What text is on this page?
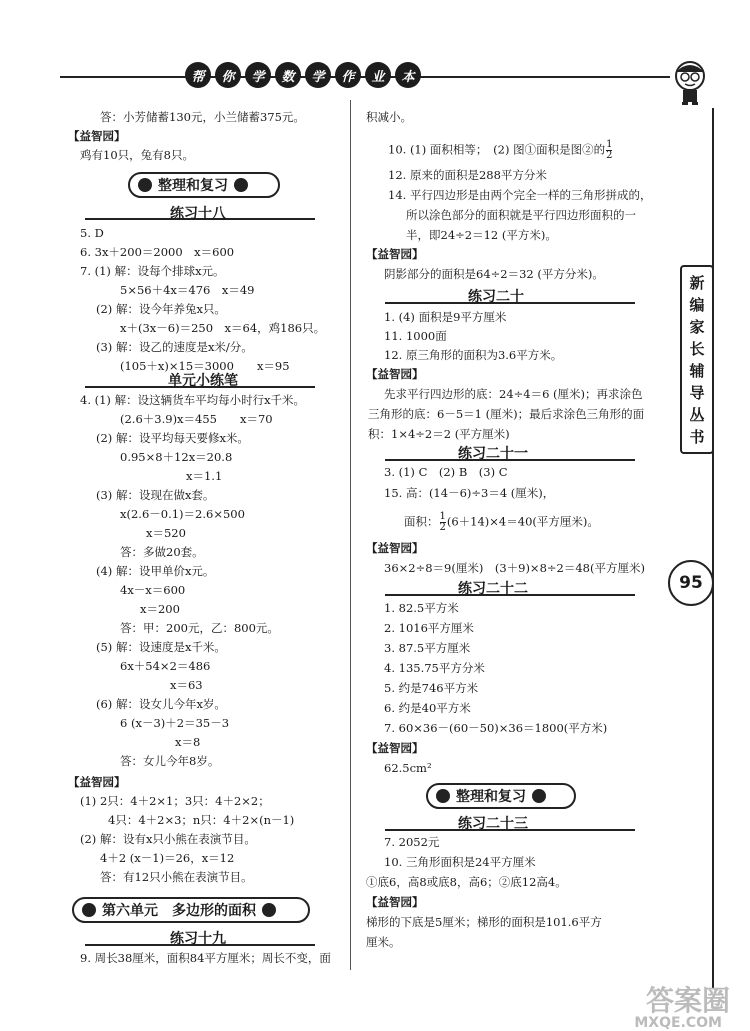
帮	你	学	数	学	作	业	本
新
编
家
长
辅
导
丛
书
95
答：小芳储蓄130元，小兰储蓄375元。
【益智园】
鸡有10只，兔有8只。
整理和复习
练习十八
5. D
6. 3x＋200＝2000　x＝600
7. (1) 解：设每个排球x元。
5×56＋4x＝476　x＝49
(2) 解：设今年养兔x只。
x＋(3x－6)＝250　x＝64，鸡186只。
(3) 解：设乙的速度是x米/分。
(105＋x)×15＝3000　　x＝95
单元小练笔
4. (1) 解：设这辆货车平均每小时行x千米。
(2.6＋3.9)x＝455　　x＝70
(2) 解：设平均每天要修x米。
0.95×8＋12x＝20.8
x＝1.1
(3) 解：设现在做x套。
x(2.6－0.1)＝2.6×500
x＝520
答：多做20套。
(4) 解：设甲单价x元。
4x－x＝600
x＝200
答：甲：200元，乙：800元。
(5) 解：设速度是x千米。
6x＋54×2＝486
x＝63
(6) 解：设女儿今年x岁。
6 (x－3)＋2＝35－3
x＝8
答：女儿今年8岁。
【益智园】
(1) 2只：4＋2×1；3只：4＋2×2；
4只：4＋2×3；n只：4＋2×(n－1)
(2) 解：设有x只小熊在表演节目。
4＋2 (x－1)＝26，x＝12
答：有12只小熊在表演节目。
第六单元　多边形的面积
练习十九
9. 周长38厘米，面积84平方厘米；周长不变，面
积减小。
10. (1) 面积相等；　(2) 图①面积是图②的 $\frac{1}{2}$
12. 原来的面积是288平方分米
14. 平行四边形是由两个完全一样的三角形拼成的，
所以涂色部分的面积就是平行四边形面积的一
半，即24÷2＝12 (平方米)。
【益智园】
阴影部分的面积是64÷2＝32 (平方分米)。
练习二十
1. (4) 面积是9平方厘米
11. 1000面
12. 原三角形的面积为3.6平方米。
【益智园】
先求平行四边形的底：24÷4＝6 (厘米)；再求涂色
三角形的底：6－5＝1 (厘米)；最后求涂色三角形的面
积：1×4÷2＝2 (平方厘米)
练习二十一
3. (1) C　(2) B　(3) C
15. 高：(14－6)÷3＝4 (厘米)，
面积： $\frac{1}{2} (6+14)\times 4=40$(平方厘米)。
【益智园】
36×2÷8＝9(厘米)　(3＋9)×8÷2＝48(平方厘米)
练习二十二
1. 82.5平方米
2. 1016平方厘米
3. 87.5平方厘米
4. 135.75平方分米
5. 约是746平方米
6. 约是40平方米
7. 60×36－(60－50)×36＝1800(平方米)
【益智园】
62.5cm²
整理和复习
练习二十三
7. 2052元
10. 三角形面积是24平方厘米
①底6，高8或底8，高6；②底12高4。
【益智园】
梯形的下底是5厘米；梯形的面积是101.6平方
厘米。
答案圈
MXQE.COM
